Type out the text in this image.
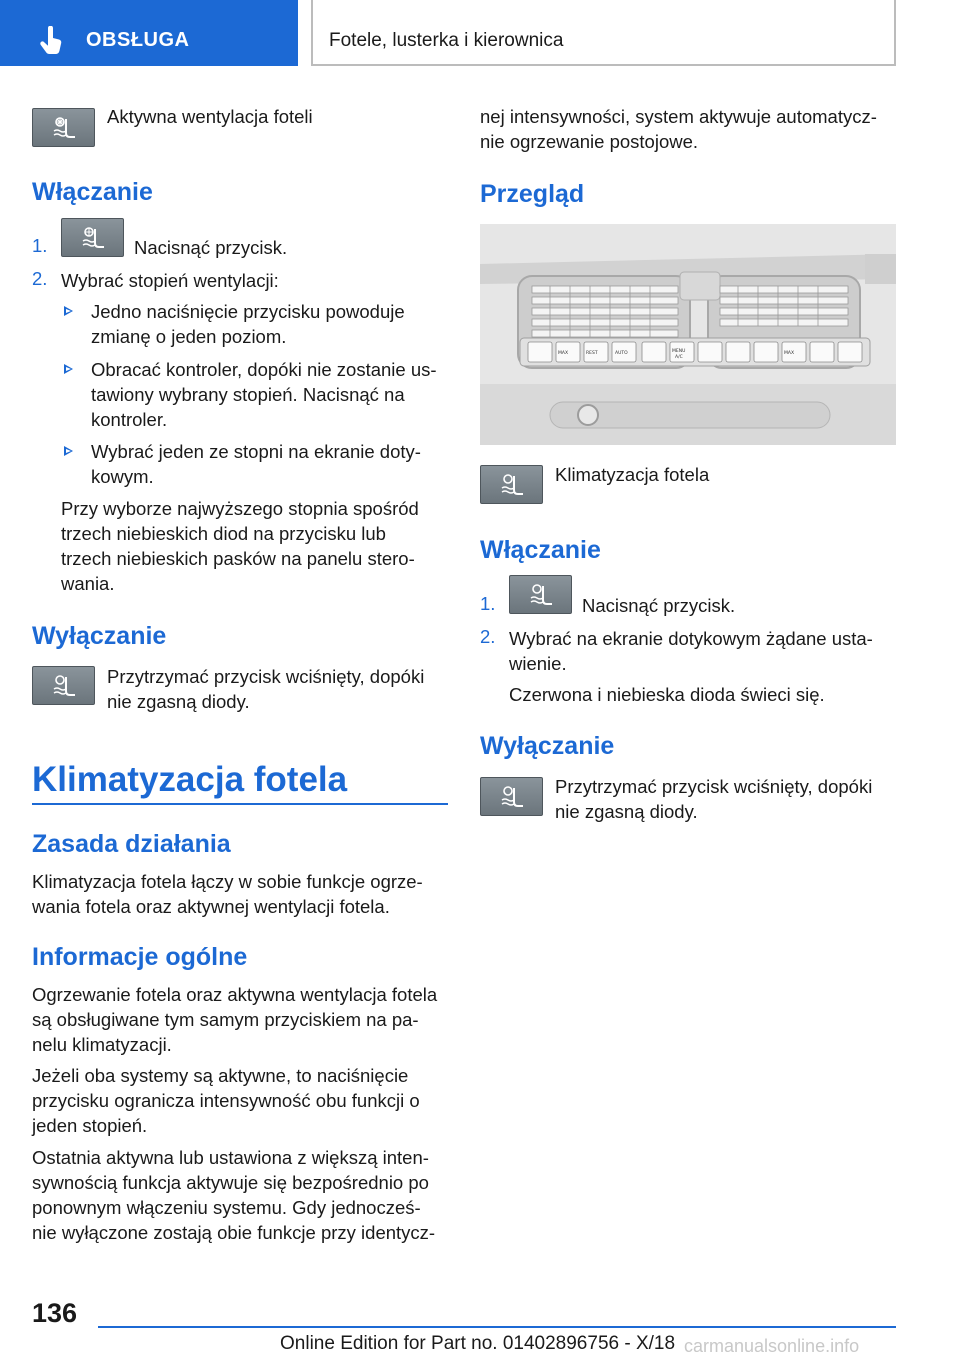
OBSŁUGA	Fotele, lusterka i kierownica
Aktywna wentylacja foteli
Włączanie
1.	Nacisnąć przycisk.
2. Wybrać stopień wentylacji:
Jedno naciśnięcie przycisku powoduje
zmianę o jeden poziom.
Obracać kontroler, dopóki nie zostanie us‐
tawiony wybrany stopień. Nacisnąć na
kontroler.
Wybrać jeden ze stopni na ekranie doty‐
kowym.
Przy wyborze najwyższego stopnia spośród
trzech niebieskich diod na przycisku lub
trzech niebieskich pasków na panelu stero‐
wania.
Wyłączanie
Przytrzymać przycisk wciśnięty, dopóki
nie zgasną diody.
Klimatyzacja fotela
Zasada działania
Klimatyzacja fotela łączy w sobie funkcje ogrze‐
wania fotela oraz aktywnej wentylacji fotela.
Informacje ogólne
Ogrzewanie fotela oraz aktywna wentylacja fotela
są obsługiwane tym samym przyciskiem na pa‐
nelu klimatyzacji.
Jeżeli oba systemy są aktywne, to naciśnięcie
przycisku ogranicza intensywność obu funkcji o
jeden stopień.
Ostatnia aktywna lub ustawiona z większą inten‐
sywnością funkcja aktywuje się bezpośrednio po
ponownym włączeniu systemu. Gdy jednocześ‐
nie wyłączone zostają obie funkcje przy identycz‐
nej intensywności, system aktywuje automatycz‐
nie ogrzewanie postojowe.
Przegląd
MAX	REST	AUTO	MENU
A/C
MAX
Klimatyzacja fotela
Włączanie
1.	Nacisnąć przycisk.
2. Wybrać na ekranie dotykowym żądane usta‐
wienie.
Czerwona i niebieska dioda świeci się.
Wyłączanie
Przytrzymać przycisk wciśnięty, dopóki
nie zgasną diody.
136
Online Edition for Part no. 01402896756 - X/18 carmanualsonline.info
